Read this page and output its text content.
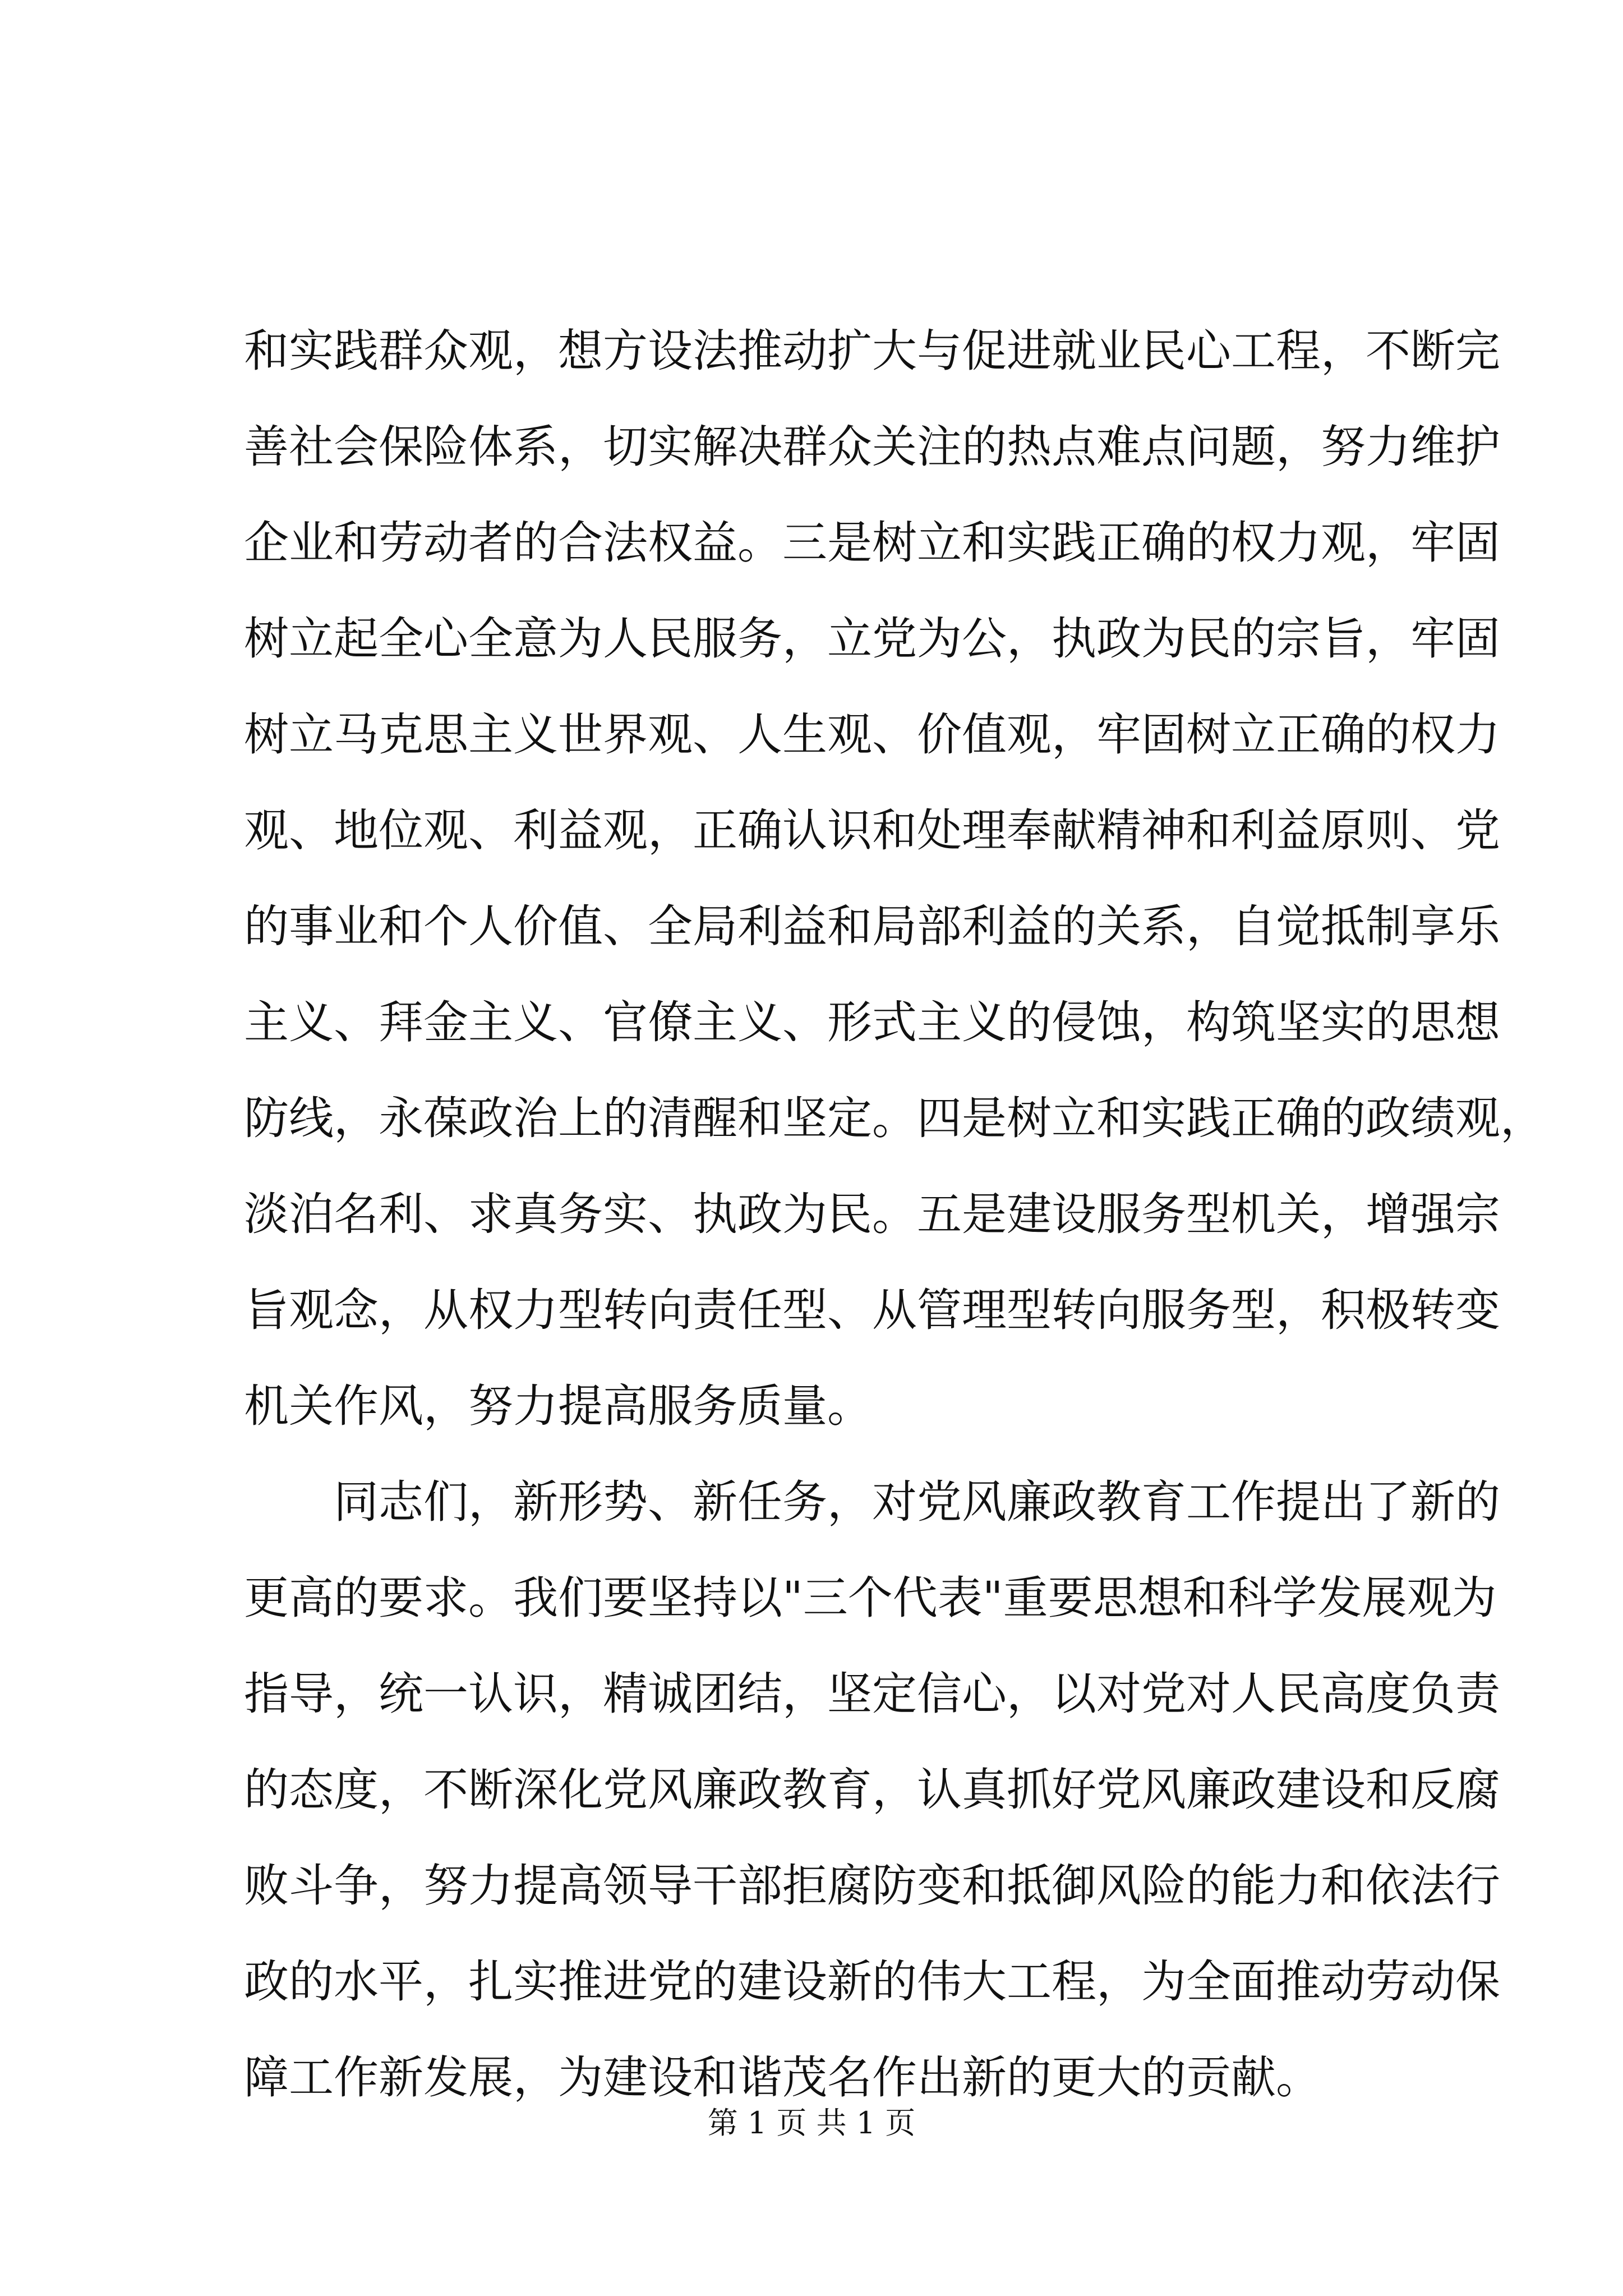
和实践群众观，想方设法推动扩大与促进就业民心工程，不断完
善社会保险体系，切实解决群众关注的热点难点问题，努力维护
企业和劳动者的合法权益。三是树立和实践正确的权力观，牢固
树立起全心全意为人民服务，立党为公，执政为民的宗旨，牢固
树立马克思主义世界观、人生观、价值观，牢固树立正确的权力
观、地位观、利益观，正确认识和处理奉献精神和利益原则、党
的事业和个人价值、全局利益和局部利益的关系，自觉抵制享乐
主义、拜金主义、官僚主义、形式主义的侵蚀，构筑坚实的思想
防线，永葆政治上的清醒和坚定。四是树立和实践正确的政绩观，
淡泊名利、求真务实、执政为民。五是建设服务型机关，增强宗
旨观念，从权力型转向责任型、从管理型转向服务型，积极转变
机关作风，努力提高服务质量。
同志们，新形势、新任务，对党风廉政教育工作提出了新的
更高的要求。我们要坚持以"三个代表"重要思想和科学发展观为
指导，统一认识，精诚团结，坚定信心，以对党对人民高度负责
的态度，不断深化党风廉政教育，认真抓好党风廉政建设和反腐
败斗争，努力提高领导干部拒腐防变和抵御风险的能力和依法行
政的水平，扎实推进党的建设新的伟大工程，为全面推动劳动保
障工作新发展，为建设和谐茂名作出新的更大的贡献。
第 1 页 共 1 页
